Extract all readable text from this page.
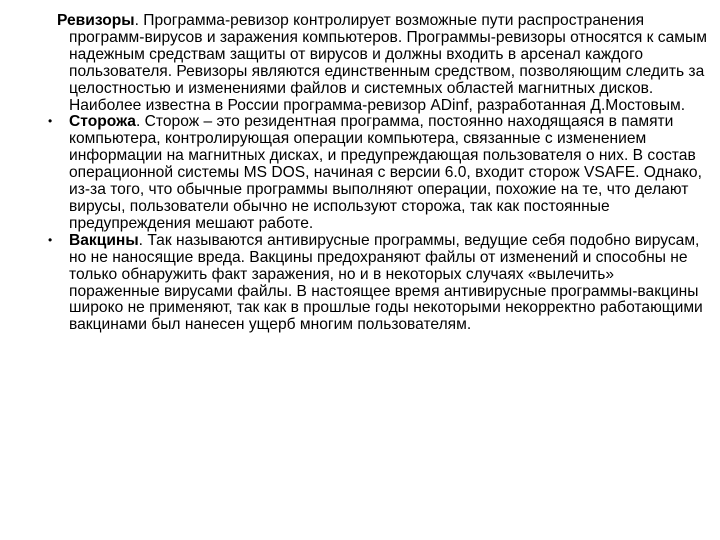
Ревизоры. Программа-ревизор контролирует возможные пути распространения программ-вирусов и заражения компьютеров. Программы-ревизоры относятся к самым надежным средствам защиты от вирусов и должны входить в арсенал каждого пользователя. Ревизоры являются единственным средством, позволяющим следить за целостностью и изменениями файлов и системных областей магнитных дисков. Наиболее известна в России программа-ревизор ADinf, разработанная Д.Мостовым.

• Сторожа. Сторож – это резидентная программа, постоянно находящаяся в памяти компьютера, контролирующая операции компьютера, связанные с изменением информации на магнитных дисках, и предупреждающая пользователя о них. В состав операционной системы MS DOS, начиная с версии 6.0, входит сторож VSAFE. Однако, из-за того, что обычные программы выполняют операции, похожие на те, что делают вирусы, пользователи обычно не используют сторожа, так как постоянные предупреждения мешают работе.

• Вакцины. Так называются антивирусные программы, ведущие себя подобно вирусам, но не наносящие вреда. Вакцины предохраняют файлы от изменений и способны не только обнаружить факт заражения, но и в некоторых случаях «вылечить» пораженные вирусами файлы. В настоящее время антивирусные программы-вакцины широко не применяют, так как в прошлые годы некоторыми некорректно работающими вакцинами был нанесен ущерб многим пользователям.
